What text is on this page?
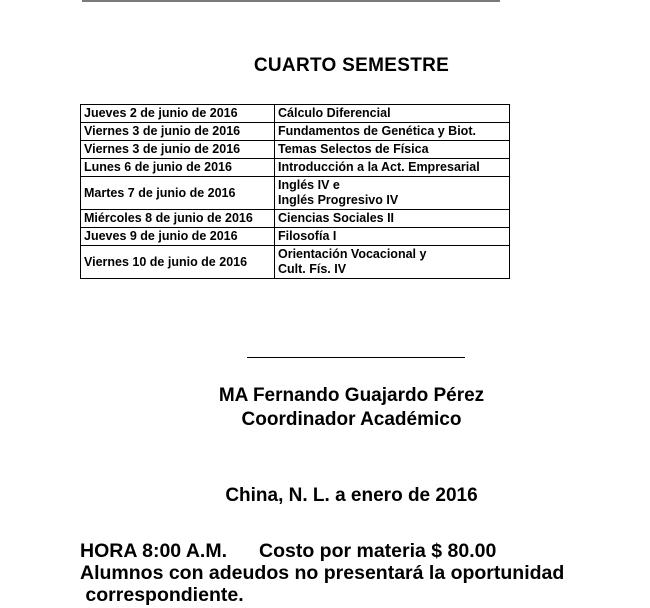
CUARTO SEMESTRE
Jueves 2 de junio de 2016	Cálculo Diferencial

Viernes 3 de junio de 2016	Fundamentos de Genética y Biot.

Viernes 3 de junio de 2016	Temas Selectos de Física

Lunes 6 de junio de 2016	Introducción a la Act. Empresarial

Martes 7 de junio de 2016	Inglés IV e
Inglés Progresivo IV

Miércoles 8 de junio de 2016	Ciencias Sociales II

Jueves 9 de junio de 2016	Filosofía I

Viernes 10 de junio de 2016	Orientación Vocacional y
Cult. Fís. IV
MA Fernando Guajardo Pérez
Coordinador Académico
China, N. L. a enero de 2016
HORA 8:00 A.M. Costo por materia $ 80.00
Alumnos con adeudos no presentará la oportunidad
correspondiente.
